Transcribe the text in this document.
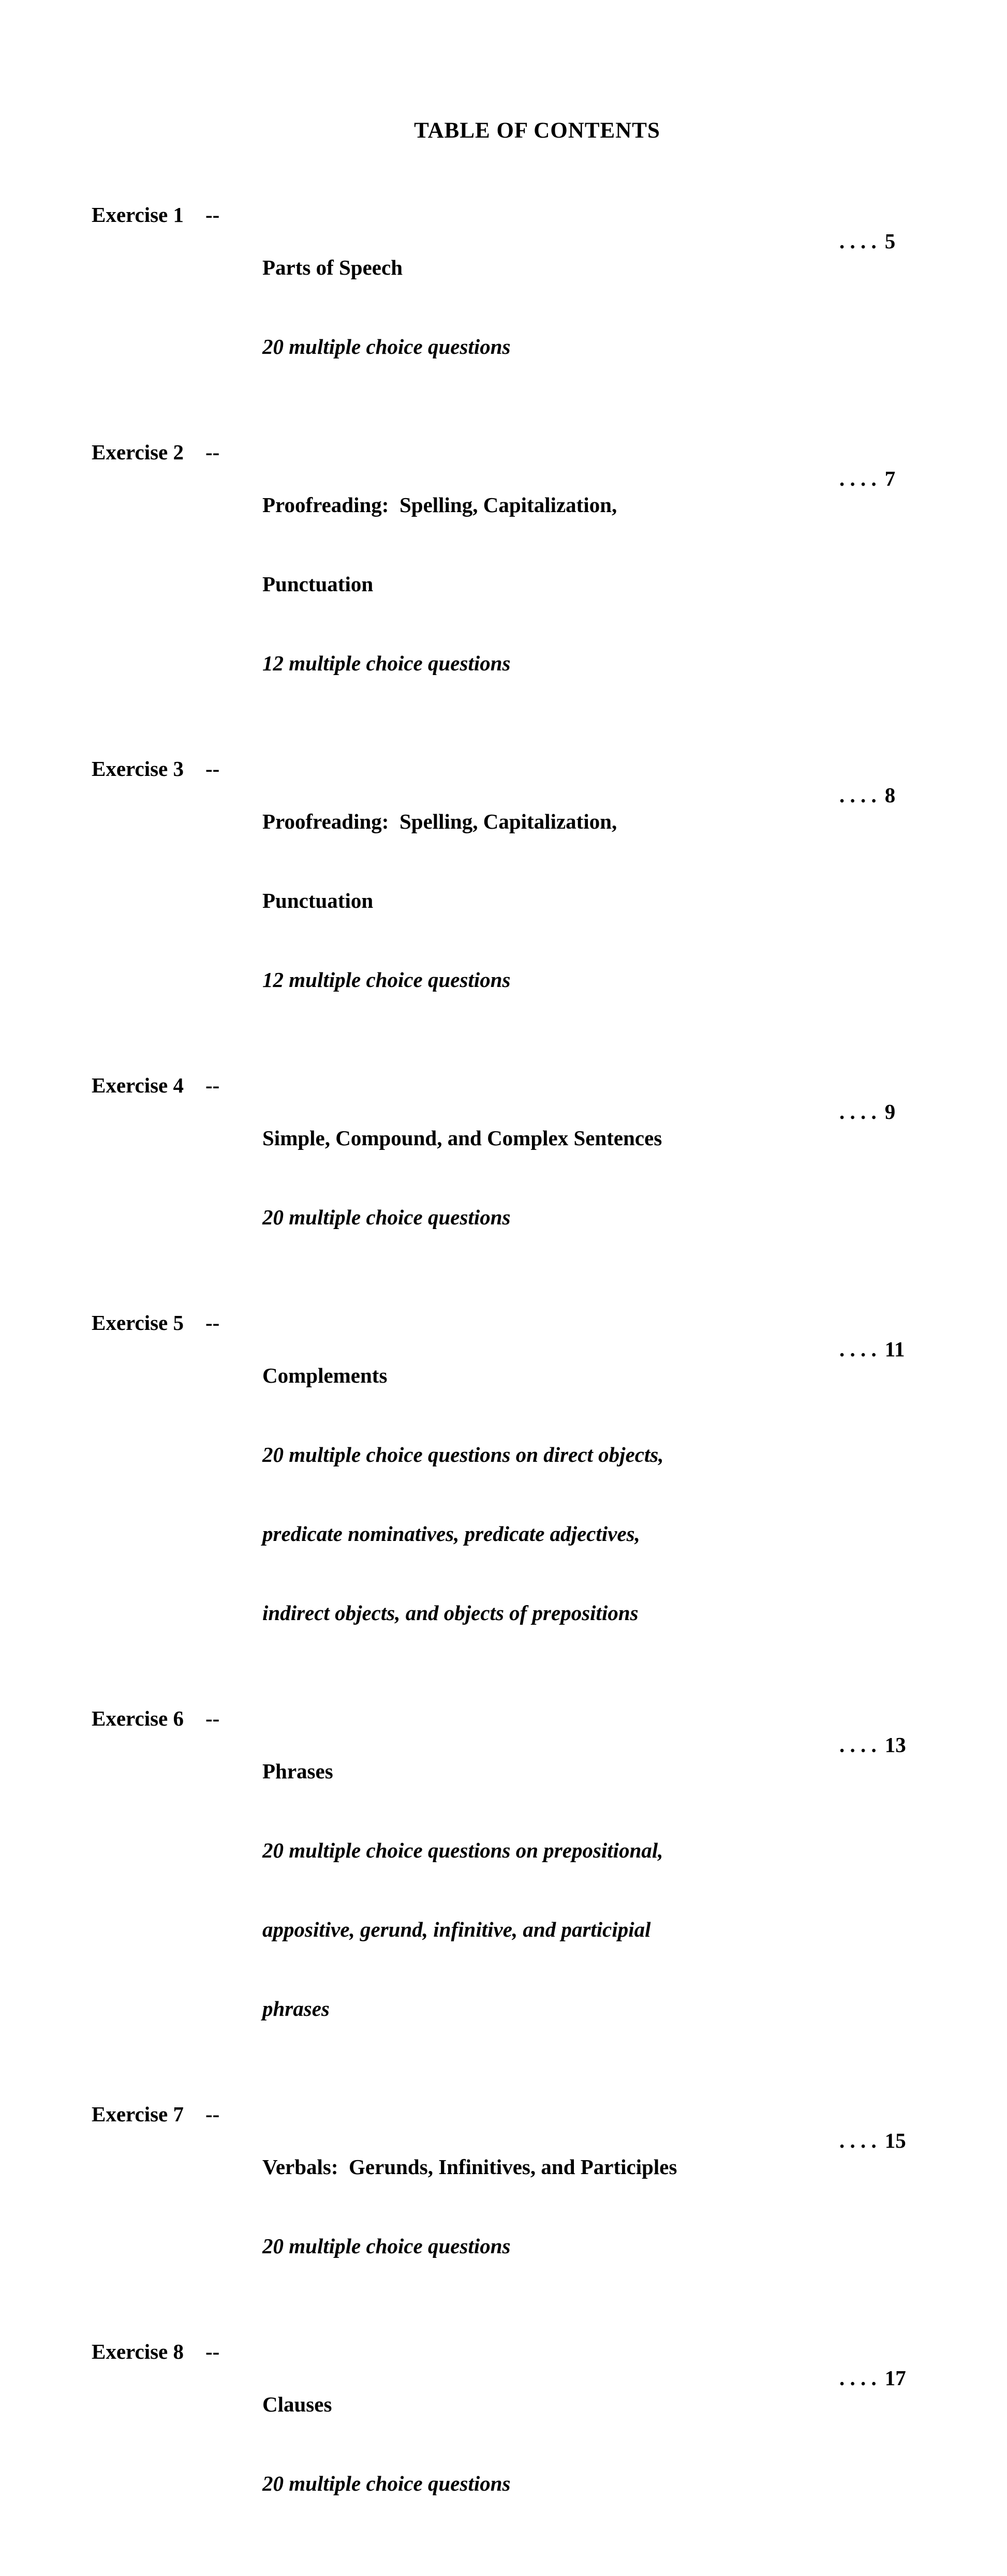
TABLE OF CONTENTS
Exercise 1	--

Parts of Speech

20 multiple choice questions

. . . . 5

Exercise 2	--

Proofreading:  Spelling, Capitalization,

Punctuation

12 multiple choice questions

. . . . 7

Exercise 3	--

Proofreading:  Spelling, Capitalization,

Punctuation

12 multiple choice questions

. . . . 8

Exercise 4	--

Simple, Compound, and Complex Sentences

20 multiple choice questions

. . . . 9

Exercise 5	--

Complements

20 multiple choice questions on direct objects,

predicate nominatives, predicate adjectives,

indirect objects, and objects of prepositions

. . . . 11

Exercise 6	--

Phrases

20 multiple choice questions on prepositional,

appositive, gerund, infinitive, and participial

phrases

. . . . 13

Exercise 7	--

Verbals:  Gerunds, Infinitives, and Participles

20 multiple choice questions

. . . . 15

Exercise 8	--

Clauses

20 multiple choice questions

. . . . 17
